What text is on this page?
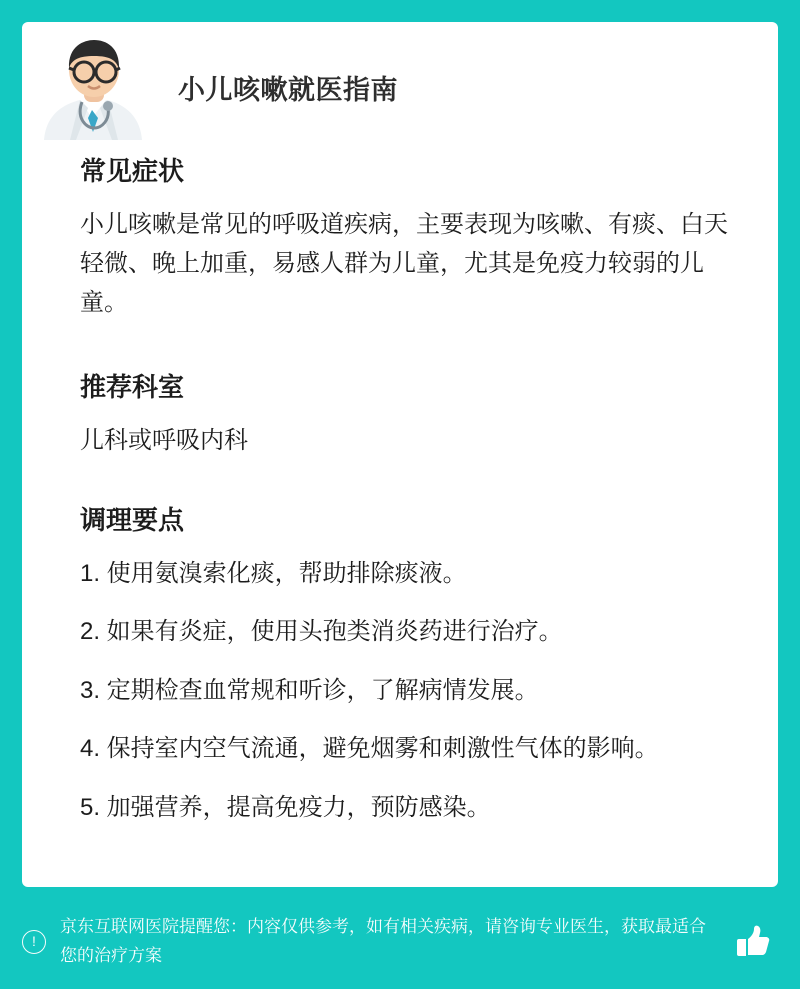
小儿咳嗽就医指南
常见症状

小儿咳嗽是常见的呼吸道疾病，主要表现为咳嗽、有痰、白天轻微、晚上加重，易感人群为儿童，尤其是免疫力较弱的儿童。

推荐科室

儿科或呼吸内科

调理要点
1. 使用氨溴索化痰，帮助排除痰液。
2. 如果有炎症，使用头孢类消炎药进行治疗。
3. 定期检查血常规和听诊，了解病情发展。
4. 保持室内空气流通，避免烟雾和刺激性气体的影响。
5. 加强营养，提高免疫力，预防感染。
!
京东互联网医院提醒您：内容仅供参考，如有相关疾病，请咨询专业医生，获取最适合您的治疗方案
